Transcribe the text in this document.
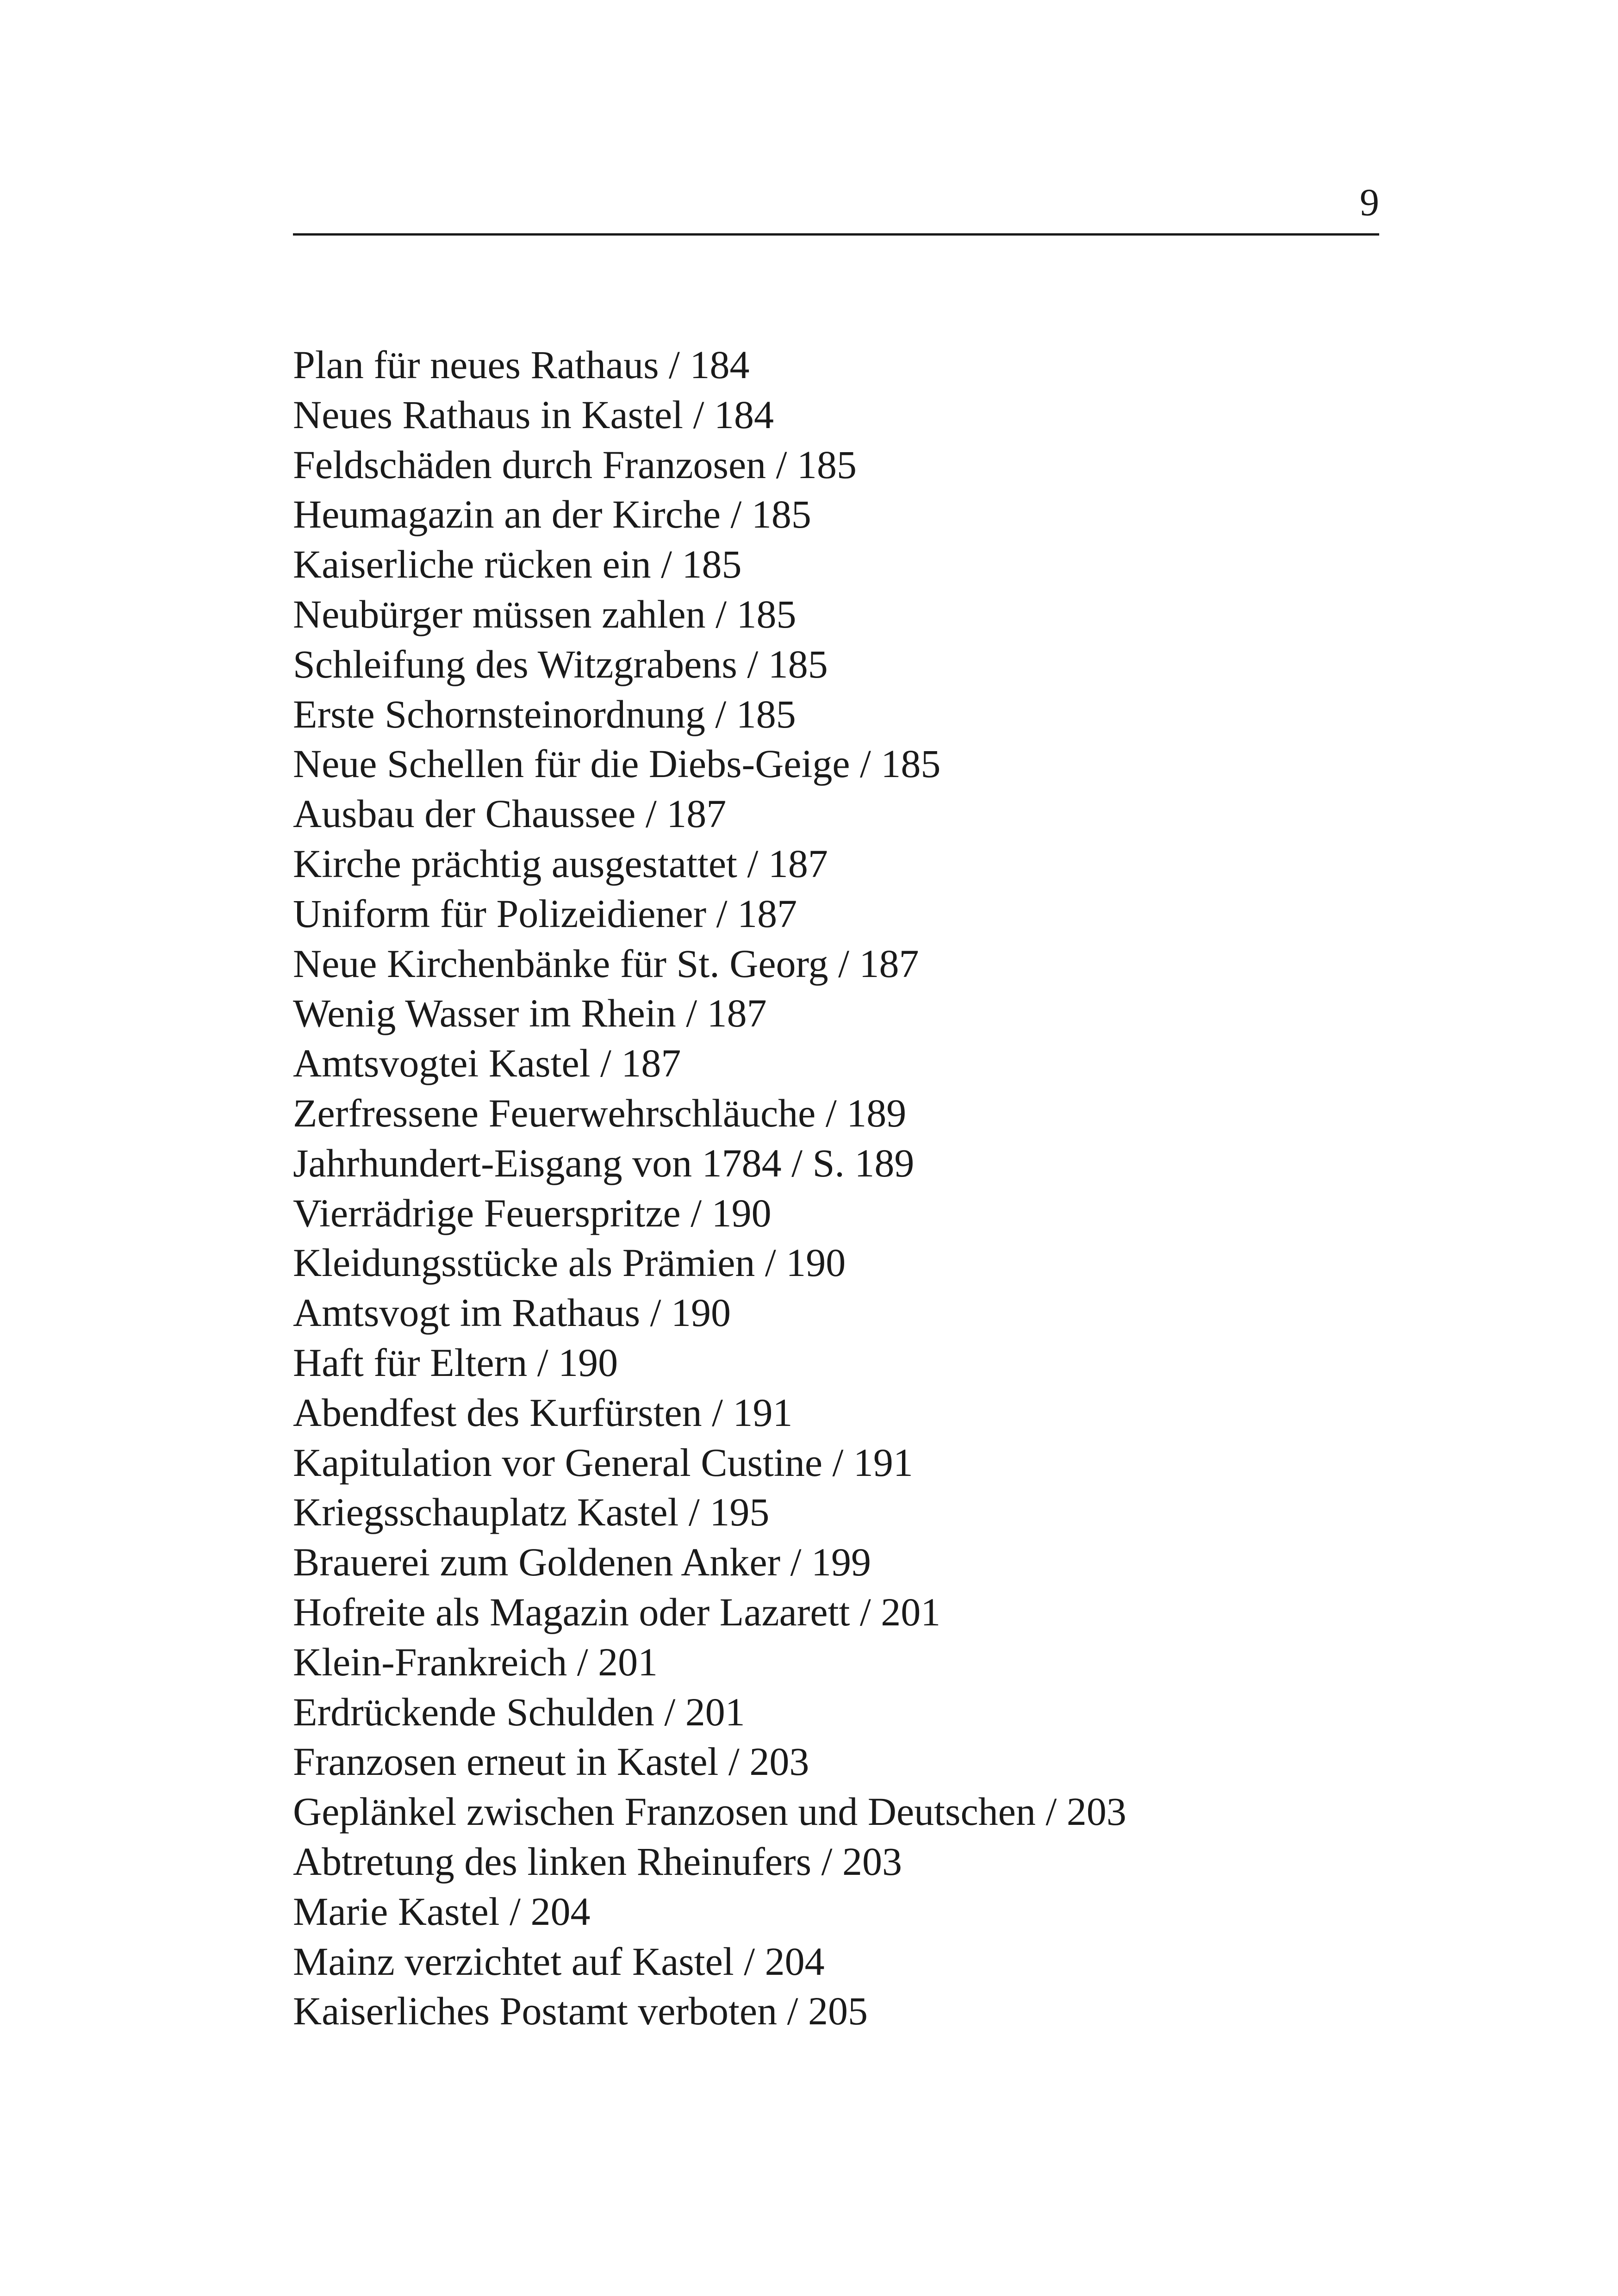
9
Plan für neues Rathaus / 184
Neues Rathaus in Kastel / 184
Feldschäden durch Franzosen / 185
Heumagazin an der Kirche / 185
Kaiserliche rücken ein / 185
Neubürger müssen zahlen / 185
Schleifung des Witzgrabens / 185
Erste Schornsteinordnung / 185
Neue Schellen für die Diebs-Geige / 185
Ausbau der Chaussee / 187
Kirche prächtig ausgestattet / 187
Uniform für Polizeidiener / 187
Neue Kirchenbänke für St. Georg / 187
Wenig Wasser im Rhein / 187
Amtsvogtei Kastel / 187
Zerfressene Feuerwehrschläuche / 189
Jahrhundert-Eisgang von 1784 / S. 189
Vierrädrige Feuerspritze / 190
Kleidungsstücke als Prämien / 190
Amtsvogt im Rathaus / 190
Haft für Eltern / 190
Abendfest des Kurfürsten / 191
Kapitulation vor General Custine / 191
Kriegsschauplatz Kastel / 195
Brauerei zum Goldenen Anker / 199
Hofreite als Magazin oder Lazarett / 201
Klein-Frankreich / 201
Erdrückende Schulden / 201
Franzosen erneut in Kastel / 203
Geplänkel zwischen Franzosen und Deutschen / 203
Abtretung des linken Rheinufers / 203
Marie Kastel / 204
Mainz verzichtet auf Kastel / 204
Kaiserliches Postamt verboten / 205
